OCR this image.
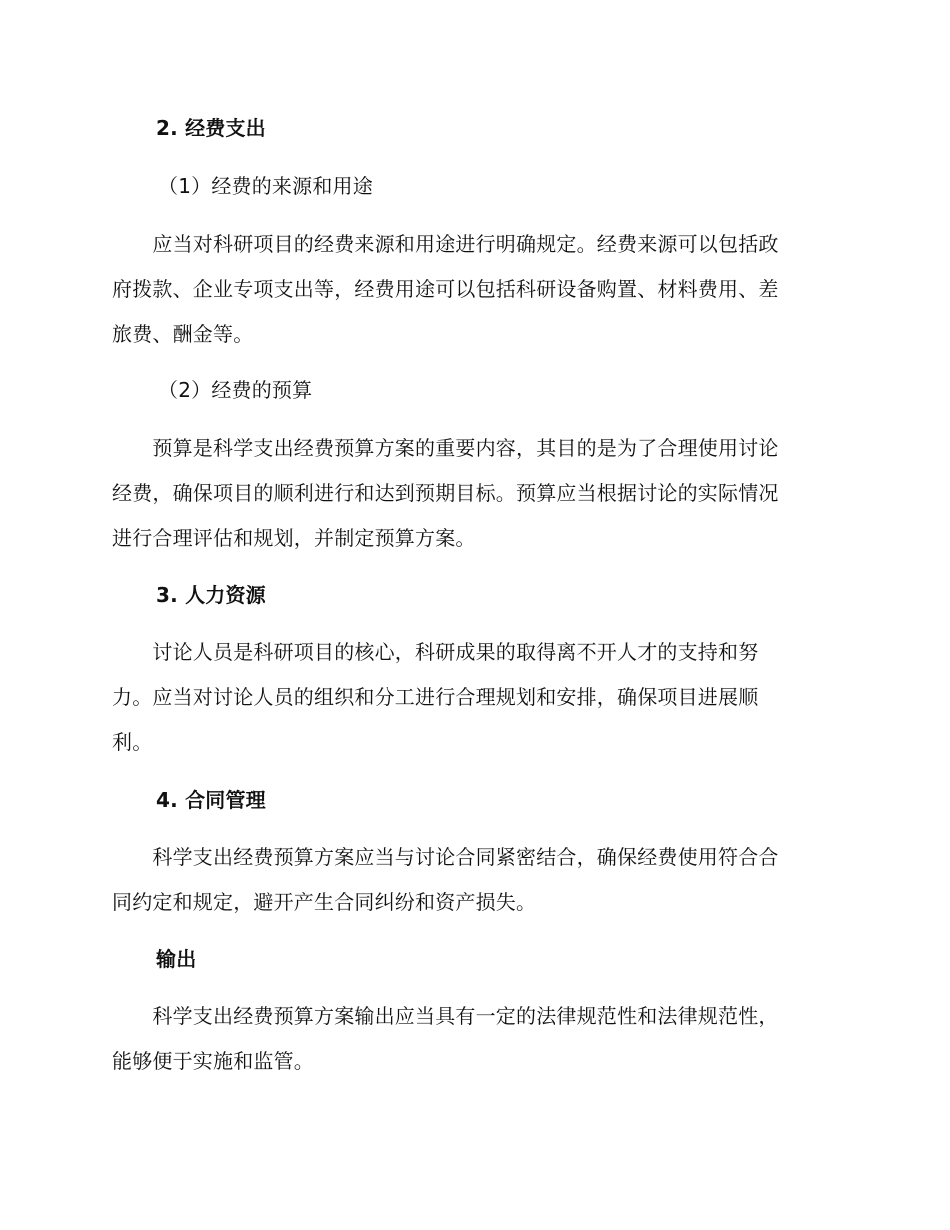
2. 经费支出
（1）经费的来源和用途
　　应当对科研项目的经费来源和用途进行明确规定。经费来源可以包括政
府拨款、企业专项支出等，经费用途可以包括科研设备购置、材料费用、差
旅费、酬金等。
（2）经费的预算
　　预算是科学支出经费预算方案的重要内容，其目的是为了合理使用讨论
经费，确保项目的顺利进行和达到预期目标。预算应当根据讨论的实际情况
进行合理评估和规划，并制定预算方案。
3. 人力资源
　　讨论人员是科研项目的核心，科研成果的取得离不开人才的支持和努
力。应当对讨论人员的组织和分工进行合理规划和安排，确保项目进展顺
利。
4. 合同管理
　　科学支出经费预算方案应当与讨论合同紧密结合，确保经费使用符合合
同约定和规定，避开产生合同纠纷和资产损失。
输出
　　科学支出经费预算方案输出应当具有一定的法律规范性和法律规范性，
能够便于实施和监管。
